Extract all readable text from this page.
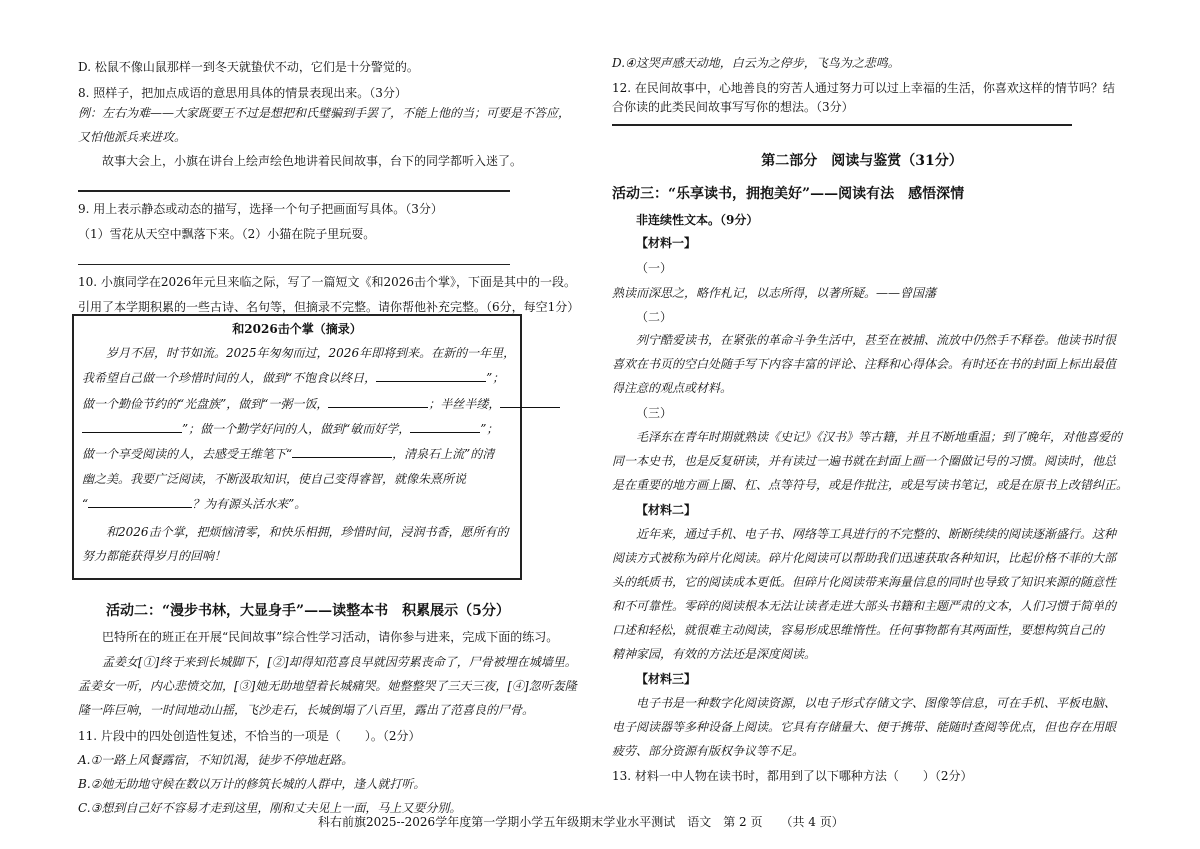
D. 松鼠不像山鼠那样一到冬天就蛰伏不动，它们是十分警觉的。
8. 照样子，把加点成语的意思用具体的情景表现出来。（3分）
例：左右为难——大家既要王不过是想把和氏璧骗到手罢了，不能上他的当；可要是不答应，
又怕他派兵来进攻。
故事大会上，小旗在讲台上绘声绘色地讲着民间故事，台下的同学都听入迷了。
9. 用上表示静态或动态的描写，选择一个句子把画面写具体。（3分）
（1）雪花从天空中飘落下来。（2）小猫在院子里玩耍。
10. 小旗同学在2026年元旦来临之际，写了一篇短文《和2026击个掌》，下面是其中的一段。
引用了本学期积累的一些古诗、名句等，但摘录不完整。请你帮他补充完整。（6分，每空1分）
和2026击个掌（摘录）
岁月不居，时节如流。2025年匆匆而过，2026年即将到来。在新的一年里，
我希望自己做一个珍惜时间的人，做到“不饱食以终日，	”；
做一个勤俭节约的“光盘族”，做到“一粥一饭，	；半丝半缕，
”；做一个勤学好问的人，做到“敏而好学，	”；
做一个享受阅读的人，去感受王维笔下“	，清泉石上流”的清
幽之美。我要广泛阅读，不断汲取知识，使自己变得睿智，就像朱熹所说
“	？为有源头活水来”。
和2026击个掌，把烦恼清零，和快乐相拥，珍惜时间，浸润书香，愿所有的
努力都能获得岁月的回响！
活动二：“漫步书林，大显身手”——读整本书　积累展示（5分）
巴特所在的班正在开展“民间故事”综合性学习活动，请你参与进来，完成下面的练习。
孟姜女[①]终于来到长城脚下，[②]却得知范喜良早就因劳累丧命了，尸骨被埋在城墙里。
孟姜女一听，内心悲愤交加，[③]她无助地望着长城痛哭。她整整哭了三天三夜，[④]忽听轰隆
隆一阵巨响，一时间地动山摇，飞沙走石，长城倒塌了八百里，露出了范喜良的尸骨。
11. 片段中的四处创造性复述，不恰当的一项是（　　）。（2分）
A.①一路上风餐露宿，不知饥渴，徒步不停地赶路。
B.②她无助地守候在数以万计的修筑长城的人群中，逢人就打听。
C.③想到自己好不容易才走到这里，刚和丈夫见上一面，马上又要分别。
D.④这哭声感天动地，白云为之停步，飞鸟为之悲鸣。
12. 在民间故事中，心地善良的穷苦人通过努力可以过上幸福的生活，你喜欢这样的情节吗？结
合你读的此类民间故事写写你的想法。（3分）
第二部分　阅读与鉴赏（31分）
活动三：“乐享读书，拥抱美好”——阅读有法　感悟深情
非连续性文本。（9分）
【材料一】
（一）
熟读而深思之，略作札记，以志所得，以著所疑。——曾国藩
（二）
列宁酷爱读书，在紧张的革命斗争生活中，甚至在被捕、流放中仍然手不释卷。他读书时很
喜欢在书页的空白处随手写下内容丰富的评论、注释和心得体会。有时还在书的封面上标出最值
得注意的观点或材料。
（三）
毛泽东在青年时期就熟读《史记》《汉书》等古籍，并且不断地重温；到了晚年，对他喜爱的
同一本史书，也是反复研读，并有读过一遍书就在封面上画一个圈做记号的习惯。阅读时，他总
是在重要的地方画上圈、杠、点等符号，或是作批注，或是写读书笔记，或是在原书上改错纠正。
【材料二】
近年来，通过手机、电子书、网络等工具进行的不完整的、断断续续的阅读逐渐盛行。这种
阅读方式被称为碎片化阅读。碎片化阅读可以帮助我们迅速获取各种知识，比起价格不菲的大部
头的纸质书，它的阅读成本更低。但碎片化阅读带来海量信息的同时也导致了知识来源的随意性
和不可靠性。零碎的阅读根本无法让读者走进大部头书籍和主题严肃的文本，人们习惯于简单的
口述和轻松，就很难主动阅读，容易形成思维惰性。任何事物都有其两面性，要想构筑自己的
精神家园，有效的方法还是深度阅读。
【材料三】
电子书是一种数字化阅读资源，以电子形式存储文字、图像等信息，可在手机、平板电脑、
电子阅读器等多种设备上阅读。它具有存储量大、便于携带、能随时查阅等优点，但也存在用眼
疲劳、部分资源有版权争议等不足。
13. 材料一中人物在读书时，都用到了以下哪种方法（　　）（2分）
科右前旗2025--2026学年度第一学期小学五年级期末学业水平测试　语文　第 2 页　　（共 4 页）
